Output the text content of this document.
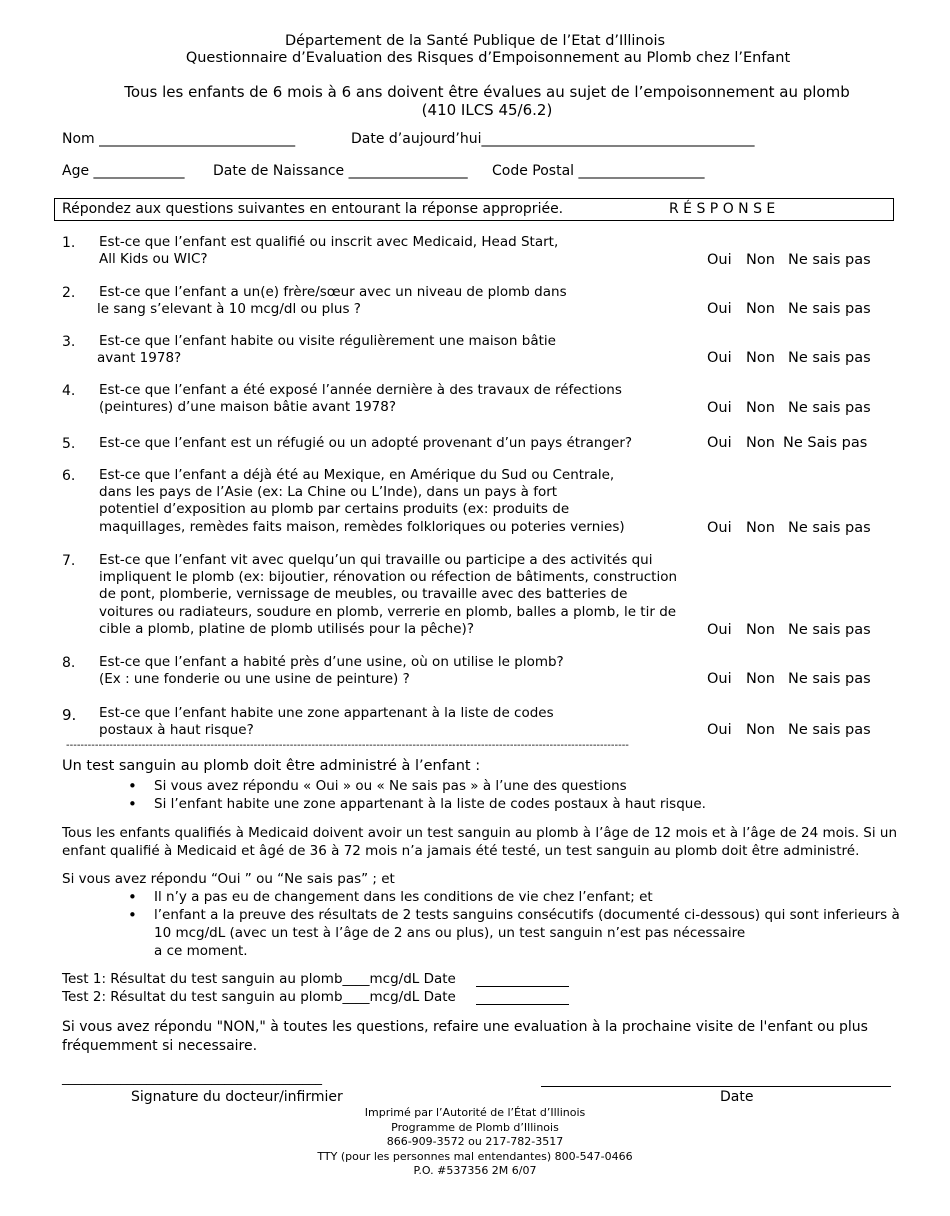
Département de la Santé Publique de l’Etat d’Illinois
Questionnaire d’Evaluation des Risques d’Empoisonnement au Plomb chez l’Enfant
Tous les enfants de 6 mois à 6 ans doivent être évalues au sujet de l’empoisonnement au plomb
(410 ILCS 45/6.2)
Nom ____________________________	Date d’aujourd’hui_______________________________________
Age _____________ Date de Naissance _________________ Code Postal __________________
Répondez aux questions suivantes en entourant la réponse appropriée.	R É S P O N S E
1. Est-ce que l’enfant est qualifié ou inscrit avec Medicaid, Head Start,
All Kids ou WIC?	Oui Non Ne sais pas
2. Est-ce que l’enfant a un(e) frère/sœur avec un niveau de plomb dans
le sang s’elevant à 10 mcg/dl ou plus ?	Oui Non Ne sais pas
3. Est-ce que l’enfant habite ou visite régulièrement une maison bâtie
avant 1978?	Oui Non Ne sais pas
4. Est-ce que l’enfant a été exposé l’année dernière à des travaux de réfections
(peintures) d’une maison bâtie avant 1978?	Oui Non Ne sais pas
5. Est-ce que l’enfant est un réfugié ou un adopté provenant d’un pays étranger?	Oui Non Ne Sais pas
6. Est-ce que l’enfant a déjà été au Mexique, en Amérique du Sud ou Centrale,
dans les pays de l’Asie (ex: La Chine ou L’Inde), dans un pays à fort
potentiel d’exposition au plomb par certains produits (ex: produits de
maquillages, remèdes faits maison, remèdes folkloriques ou poteries vernies)	Oui Non Ne sais pas
7. Est-ce que l’enfant vit avec quelqu’un qui travaille ou participe a des activités qui
impliquent le plomb (ex: bijoutier, rénovation ou réfection de bâtiments, construction
de pont, plomberie, vernissage de meubles, ou travaille avec des batteries de
voitures ou radiateurs, soudure en plomb, verrerie en plomb, balles a plomb, le tir de
cible a plomb, platine de plomb utilisés pour la pêche)?	Oui Non Ne sais pas
8. Est-ce que l’enfant a habité près d’une usine, où on utilise le plomb?
(Ex : une fonderie ou une usine de peinture) ?	Oui Non Ne sais pas
9. Est-ce que l’enfant habite une zone appartenant à la liste de codes
postaux à haut risque?	Oui Non Ne sais pas
------------------------------------------------------------------------------------------------------------------------------------------------------------
Un test sanguin au plomb doit être administré à l’enfant :
• Si vous avez répondu « Oui » ou « Ne sais pas » à l’une des questions
• Si l’enfant habite une zone appartenant à la liste de codes postaux à haut risque.
Tous les enfants qualifiés à Medicaid doivent avoir un test sanguin au plomb à l’âge de 12 mois et à l’âge de 24 mois. Si un
enfant qualifié à Medicaid et âgé de 36 à 72 mois n’a jamais été testé, un test sanguin au plomb doit être administré.
Si vous avez répondu “Oui ” ou “Ne sais pas” ; et
• Il n’y a pas eu de changement dans les conditions de vie chez l’enfant; et
• l’enfant a la preuve des résultats de 2 tests sanguins consécutifs (documenté ci-dessous) qui sont inferieurs à
10 mcg/dL (avec un test à l’âge de 2 ans ou plus), un test sanguin n’est pas nécessaire
a ce moment.
Test 1: Résultat du test sanguin au plomb____mcg/dL Date
Test 2: Résultat du test sanguin au plomb____mcg/dL Date
Si vous avez répondu "NON," à toutes les questions, refaire une evaluation à la prochaine visite de l'enfant ou plus
fréquemment si necessaire.
________________________________________
Signature du docteur/infirmier	Date
Imprimé par l’Autorité de l’État d’Illinois
Programme de Plomb d’Illinois
866-909-3572 ou 217-782-3517
TTY (pour les personnes mal entendantes) 800-547-0466
P.O. #537356 2M 6/07
